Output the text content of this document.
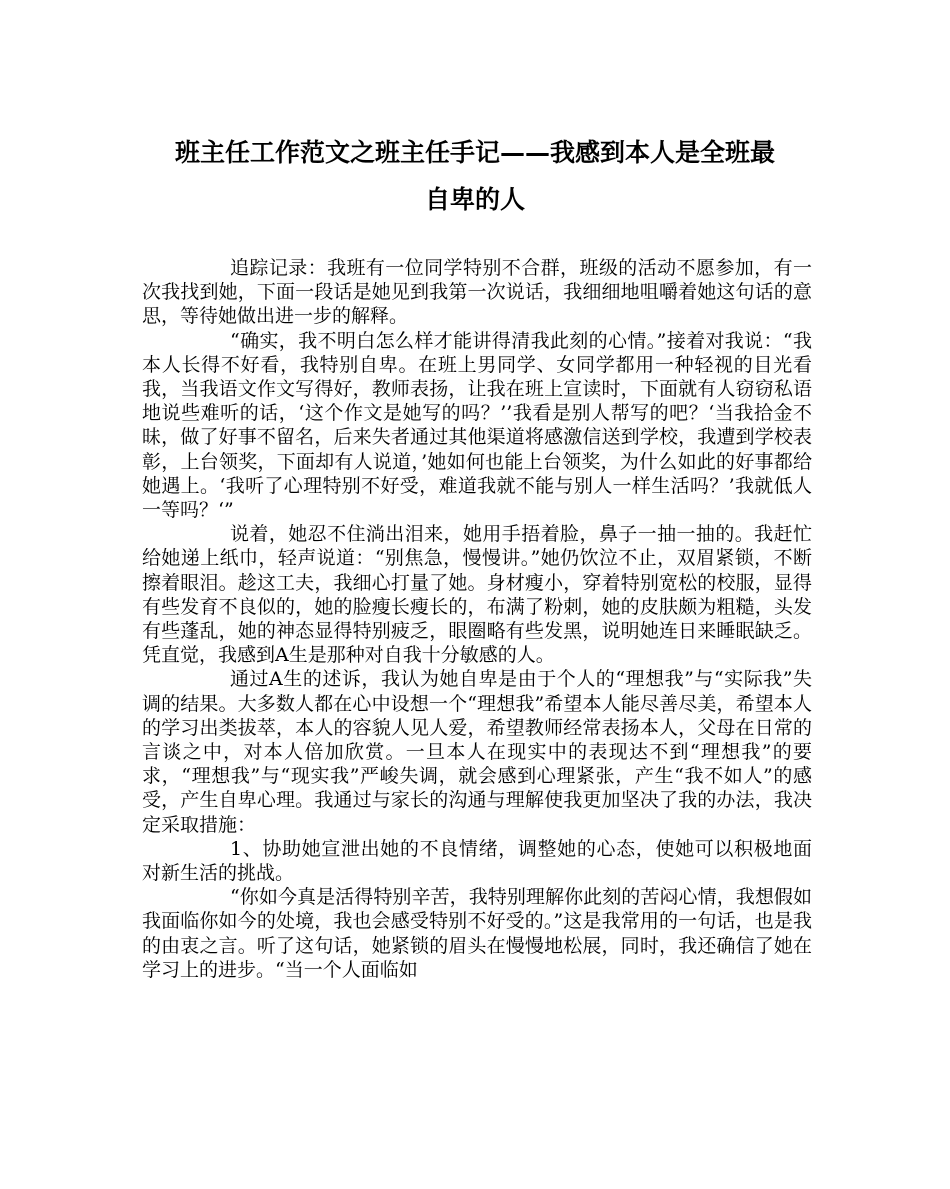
班主任工作范文之班主任手记——我感到本人是全班最
自卑的人

追踪记录：我班有一位同学特别不合群，班级的活动不愿参加，有一次我找到她，下面一段话是她见到我第一次说话，我细细地咀嚼着她这句话的意思，等待她做出进一步的解释。

“确实，我不明白怎么样才能讲得清我此刻的心情。”接着对我说：“我本人长得不好看，我特别自卑。在班上男同学、女同学都用一种轻视的目光看我，当我语文作文写得好，教师表扬，让我在班上宣读时，下面就有人窃窃私语地说些难听的话，‘这个作文是她写的吗？’’我看是别人帮写的吧？‘当我拾金不昧，做了好事不留名，后来失者通过其他渠道将感激信送到学校，我遭到学校表彰，上台领奖，下面却有人说道，’她如何也能上台领奖，为什么如此的好事都给她遇上。‘我听了心理特别不好受，难道我就不能与别人一样生活吗？’我就低人一等吗？‘”

说着，她忍不住淌出泪来，她用手捂着脸，鼻子一抽一抽的。我赶忙给她递上纸巾，轻声说道：“别焦急，慢慢讲。”她仍饮泣不止，双眉紧锁，不断擦着眼泪。趁这工夫，我细心打量了她。身材瘦小，穿着特别宽松的校服，显得有些发育不良似的，她的脸瘦长瘦长的，布满了粉刺，她的皮肤颇为粗糙，头发有些蓬乱，她的神态显得特别疲乏，眼圈略有些发黑，说明她连日来睡眠缺乏。凭直觉，我感到A生是那种对自我十分敏感的人。

通过A生的述诉，我认为她自卑是由于个人的“理想我”与“实际我”失调的结果。大多数人都在心中设想一个“理想我”希望本人能尽善尽美，希望本人的学习出类拔萃，本人的容貌人见人爱，希望教师经常表扬本人，父母在日常的言谈之中，对本人倍加欣赏。一旦本人在现实中的表现达不到“理想我”的要求，“理想我”与“现实我”严峻失调，就会感到心理紧张，产生“我不如人”的感受，产生自卑心理。我通过与家长的沟通与理解使我更加坚决了我的办法，我决定采取措施：

1、协助她宣泄出她的不良情绪，调整她的心态，使她可以积极地面对新生活的挑战。

“你如今真是活得特别辛苦，我特别理解你此刻的苦闷心情，我想假如我面临你如今的处境，我也会感受特别不好受的。”这是我常用的一句话，也是我的由衷之言。听了这句话，她紧锁的眉头在慢慢地松展，同时，我还确信了她在学习上的进步。“当一个人面临如
